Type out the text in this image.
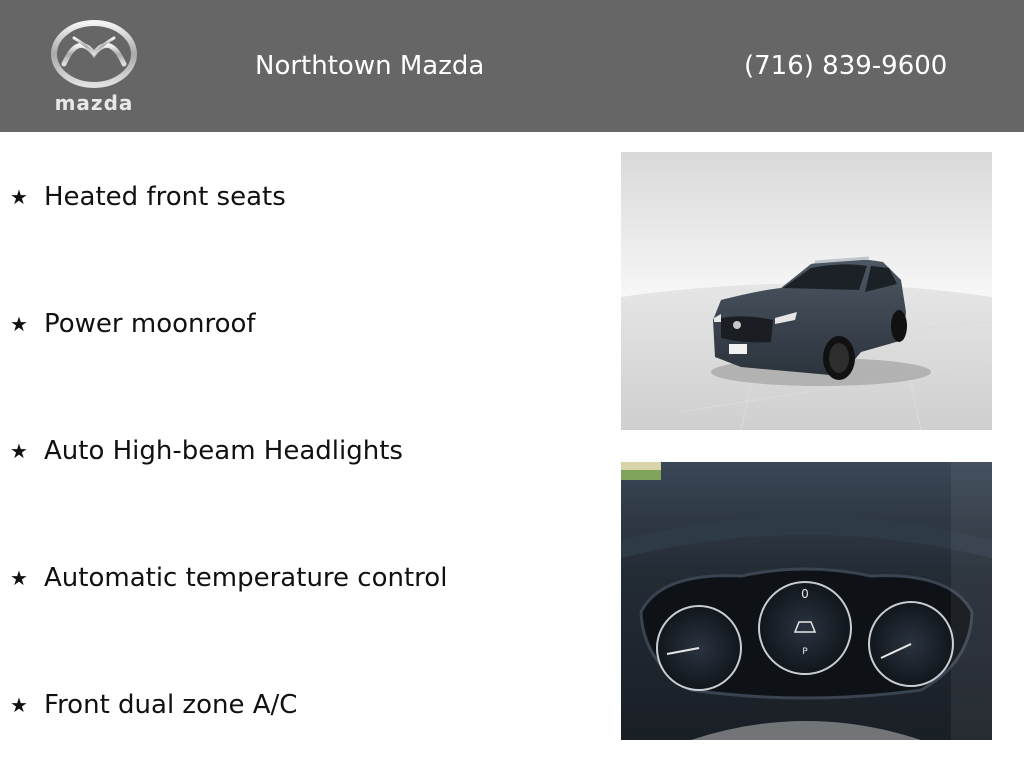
mazda
Northtown Mazda	(716) 839-9600
★ Heated front seats
★ Power moonroof
★ Auto High-beam Headlights
★ Automatic temperature control
★ Front dual zone A/C
0
P
